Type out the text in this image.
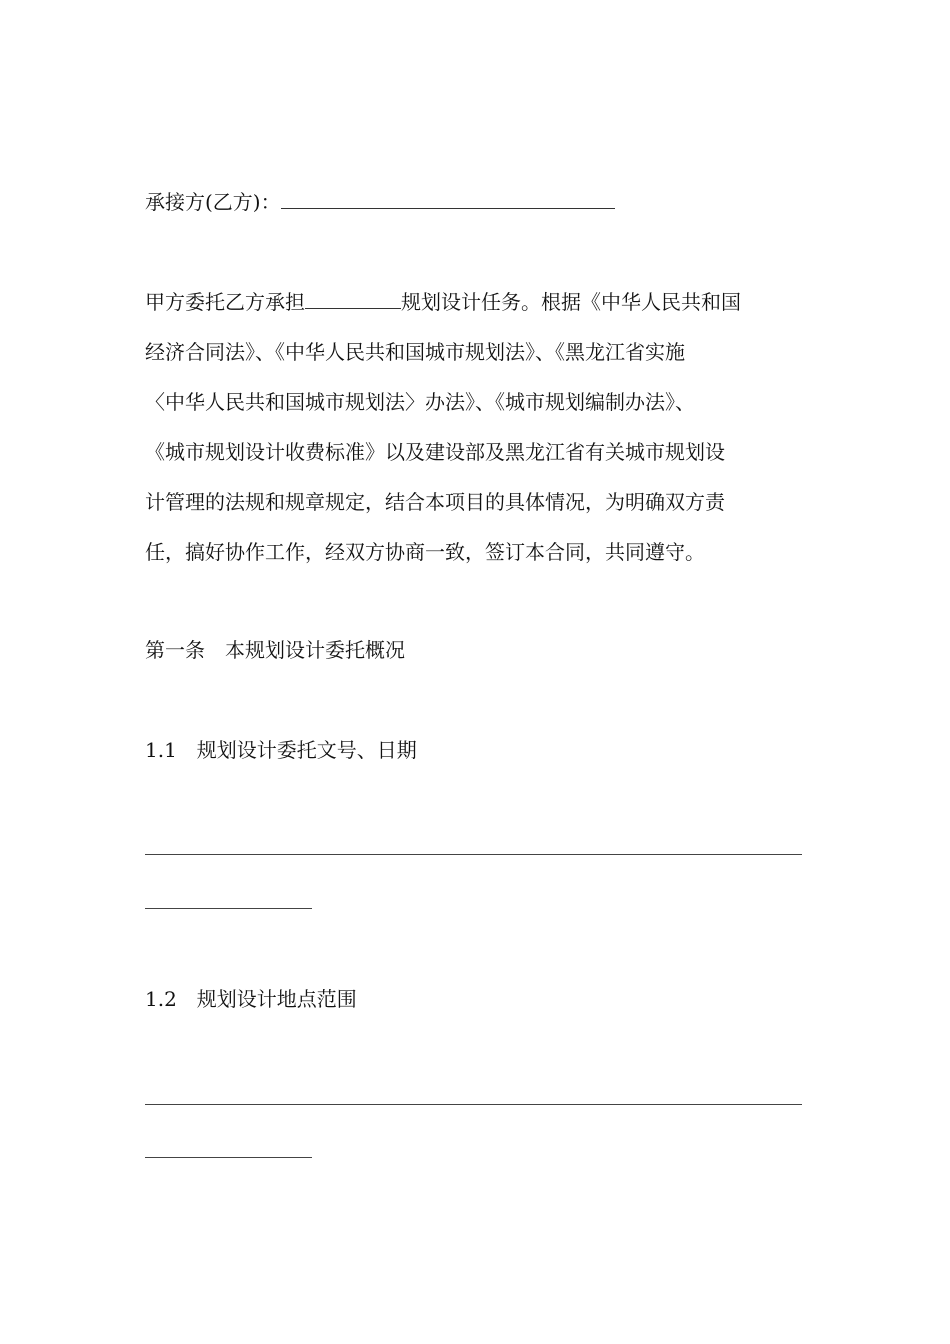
承接方(乙方)：

甲方委托乙方承担	规划设计任务。根据《中华人民共和国

经济合同法》、《中华人民共和国城市规划法》、《黑龙江省实施

〈中华人民共和国城市规划法〉办法》、《城市规划编制办法》、

《城市规划设计收费标准》以及建设部及黑龙江省有关城市规划设

计管理的法规和规章规定，结合本项目的具体情况，为明确双方责

任，搞好协作工作，经双方协商一致，签订本合同，共同遵守。

第一条　本规划设计委托概况

1.1　规划设计委托文号、日期

1.2　规划设计地点范围
